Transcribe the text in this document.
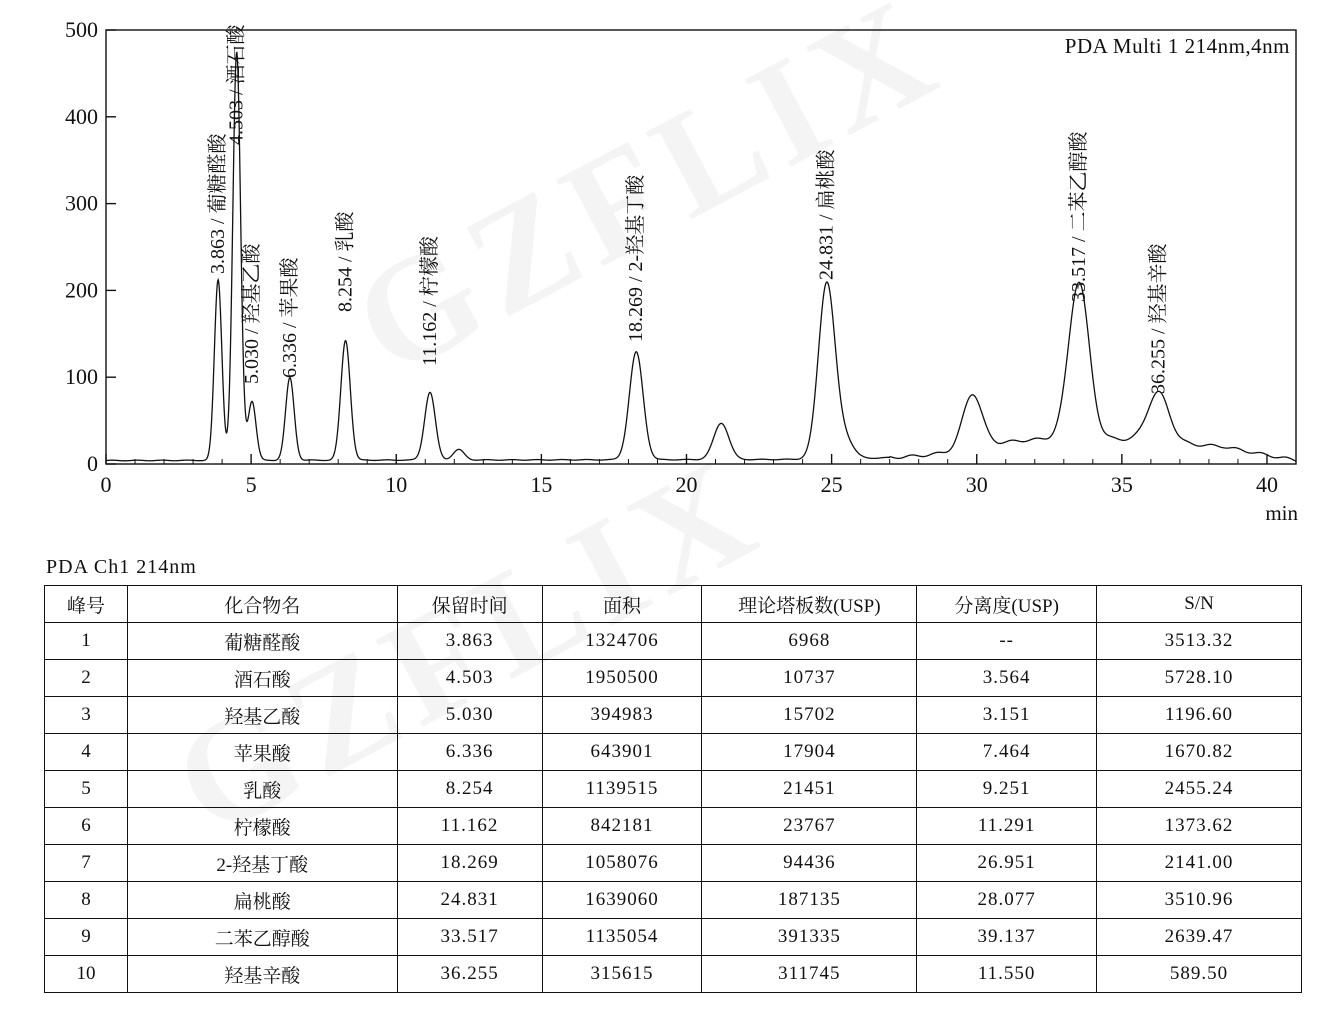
0
100
200
300
400
500
0	5	10	15	20	25	30	35	40
min
3.863 / 葡糖醛酸
4.503 / 酒石酸
5.030 / 羟基乙酸 6.336 / 苹果酸 8.254 / 乳酸	11.162 / 柠檬酸	18.269 / 2-羟基丁酸	24.831 / 扁桃酸	33.517 / 二苯乙醇酸
36.255 / 羟基辛酸
PDA Multi 1 214nm,4nm
PDA Ch1 214nm
峰号	化合物名	保留时间	面积	理论塔板数(USP)	分离度(USP)	S/N
1	葡糖醛酸	3.863	1324706	6968	--	3513.32
2	酒石酸	4.503	1950500	10737	3.564	5728.10
3	羟基乙酸	5.030	394983	15702	3.151	1196.60
4	苹果酸	6.336	643901	17904	7.464	1670.82
5	乳酸	8.254	1139515	21451	9.251	2455.24
6	柠檬酸	11.162	842181	23767	11.291	1373.62
7	2-羟基丁酸	18.269	1058076	94436	26.951	2141.00
8	扁桃酸	24.831	1639060	187135	28.077	3510.96
9	二苯乙醇酸	33.517	1135054	391335	39.137	2639.47
10	羟基辛酸	36.255	315615	311745	11.550	589.50
